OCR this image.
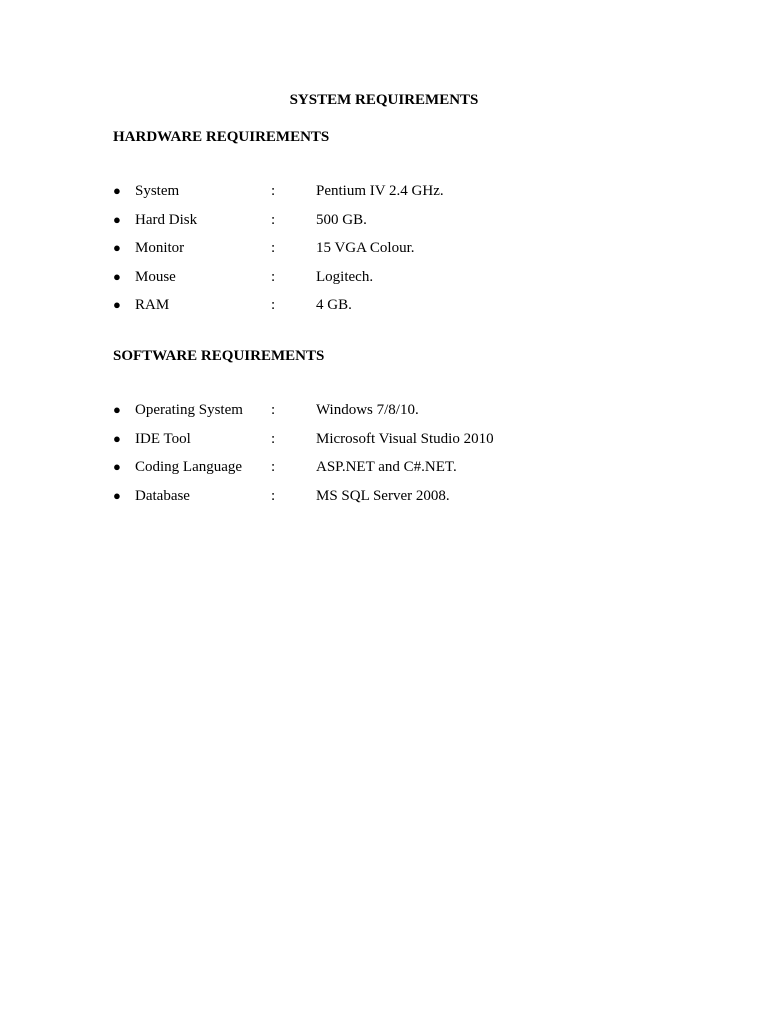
SYSTEM REQUIREMENTS
HARDWARE REQUIREMENTS
● System	:	Pentium IV 2.4 GHz.
● Hard Disk	:	500 GB.
● Monitor	:	15 VGA Colour.
● Mouse	:	Logitech.
● RAM	:	4 GB.
SOFTWARE REQUIREMENTS
● Operating System :	Windows 7/8/10.
● IDE Tool	:	Microsoft Visual Studio 2010
● Coding Language :	ASP.NET and C#.NET.
● Database	:	MS SQL Server 2008.
